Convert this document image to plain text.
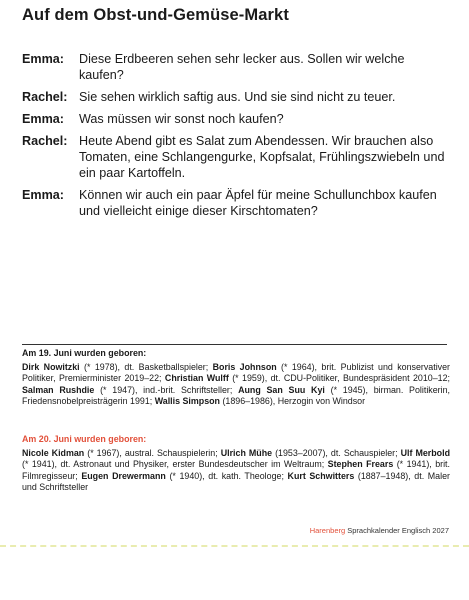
Auf dem Obst-und-Gemüse-Markt
Emma:	Diese Erdbeeren sehen sehr lecker aus. Sollen wir welche kaufen?
Rachel: Sie sehen wirklich saftig aus. Und sie sind nicht zu teuer.
Emma:	Was müssen wir sonst noch kaufen?
Rachel: Heute Abend gibt es Salat zum Abendessen. Wir brauchen also Tomaten, eine Schlangengurke, Kopfsalat, Frühlingszwiebeln und ein paar Kartoffeln.
Emma:	Können wir auch ein paar Äpfel für meine Schullunchbox kaufen und vielleicht einige dieser Kirschtomaten?
Am 19. Juni wurden geboren:

Dirk Nowitzki (* 1978), dt. Basketballspieler; Boris Johnson (* 1964), brit. Publizist und konservativer Politiker, Premierminister 2019–22; Christian Wulff (* 1959), dt. CDU-Politiker, Bundespräsident 2010–12; Salman Rushdie (* 1947), ind.-brit. Schriftsteller; Aung San Suu Kyi (* 1945), birman. Politikerin, Friedensnobelpreisträgerin 1991; Wallis Simpson (1896–1986), Herzogin von Windsor

Am 20. Juni wurden geboren:

Nicole Kidman (* 1967), austral. Schauspielerin; Ulrich Mühe (1953–2007), dt. Schauspieler; Ulf Merbold (* 1941), dt. Astronaut und Physiker, erster Bundesdeutscher im Weltraum; Stephen Frears (* 1941), brit. Filmregisseur; Eugen Drewermann (* 1940), dt. kath. Theologe; Kurt Schwitters (1887–1948), dt. Maler und Schriftsteller

Harenberg Sprachkalender Englisch 2027
